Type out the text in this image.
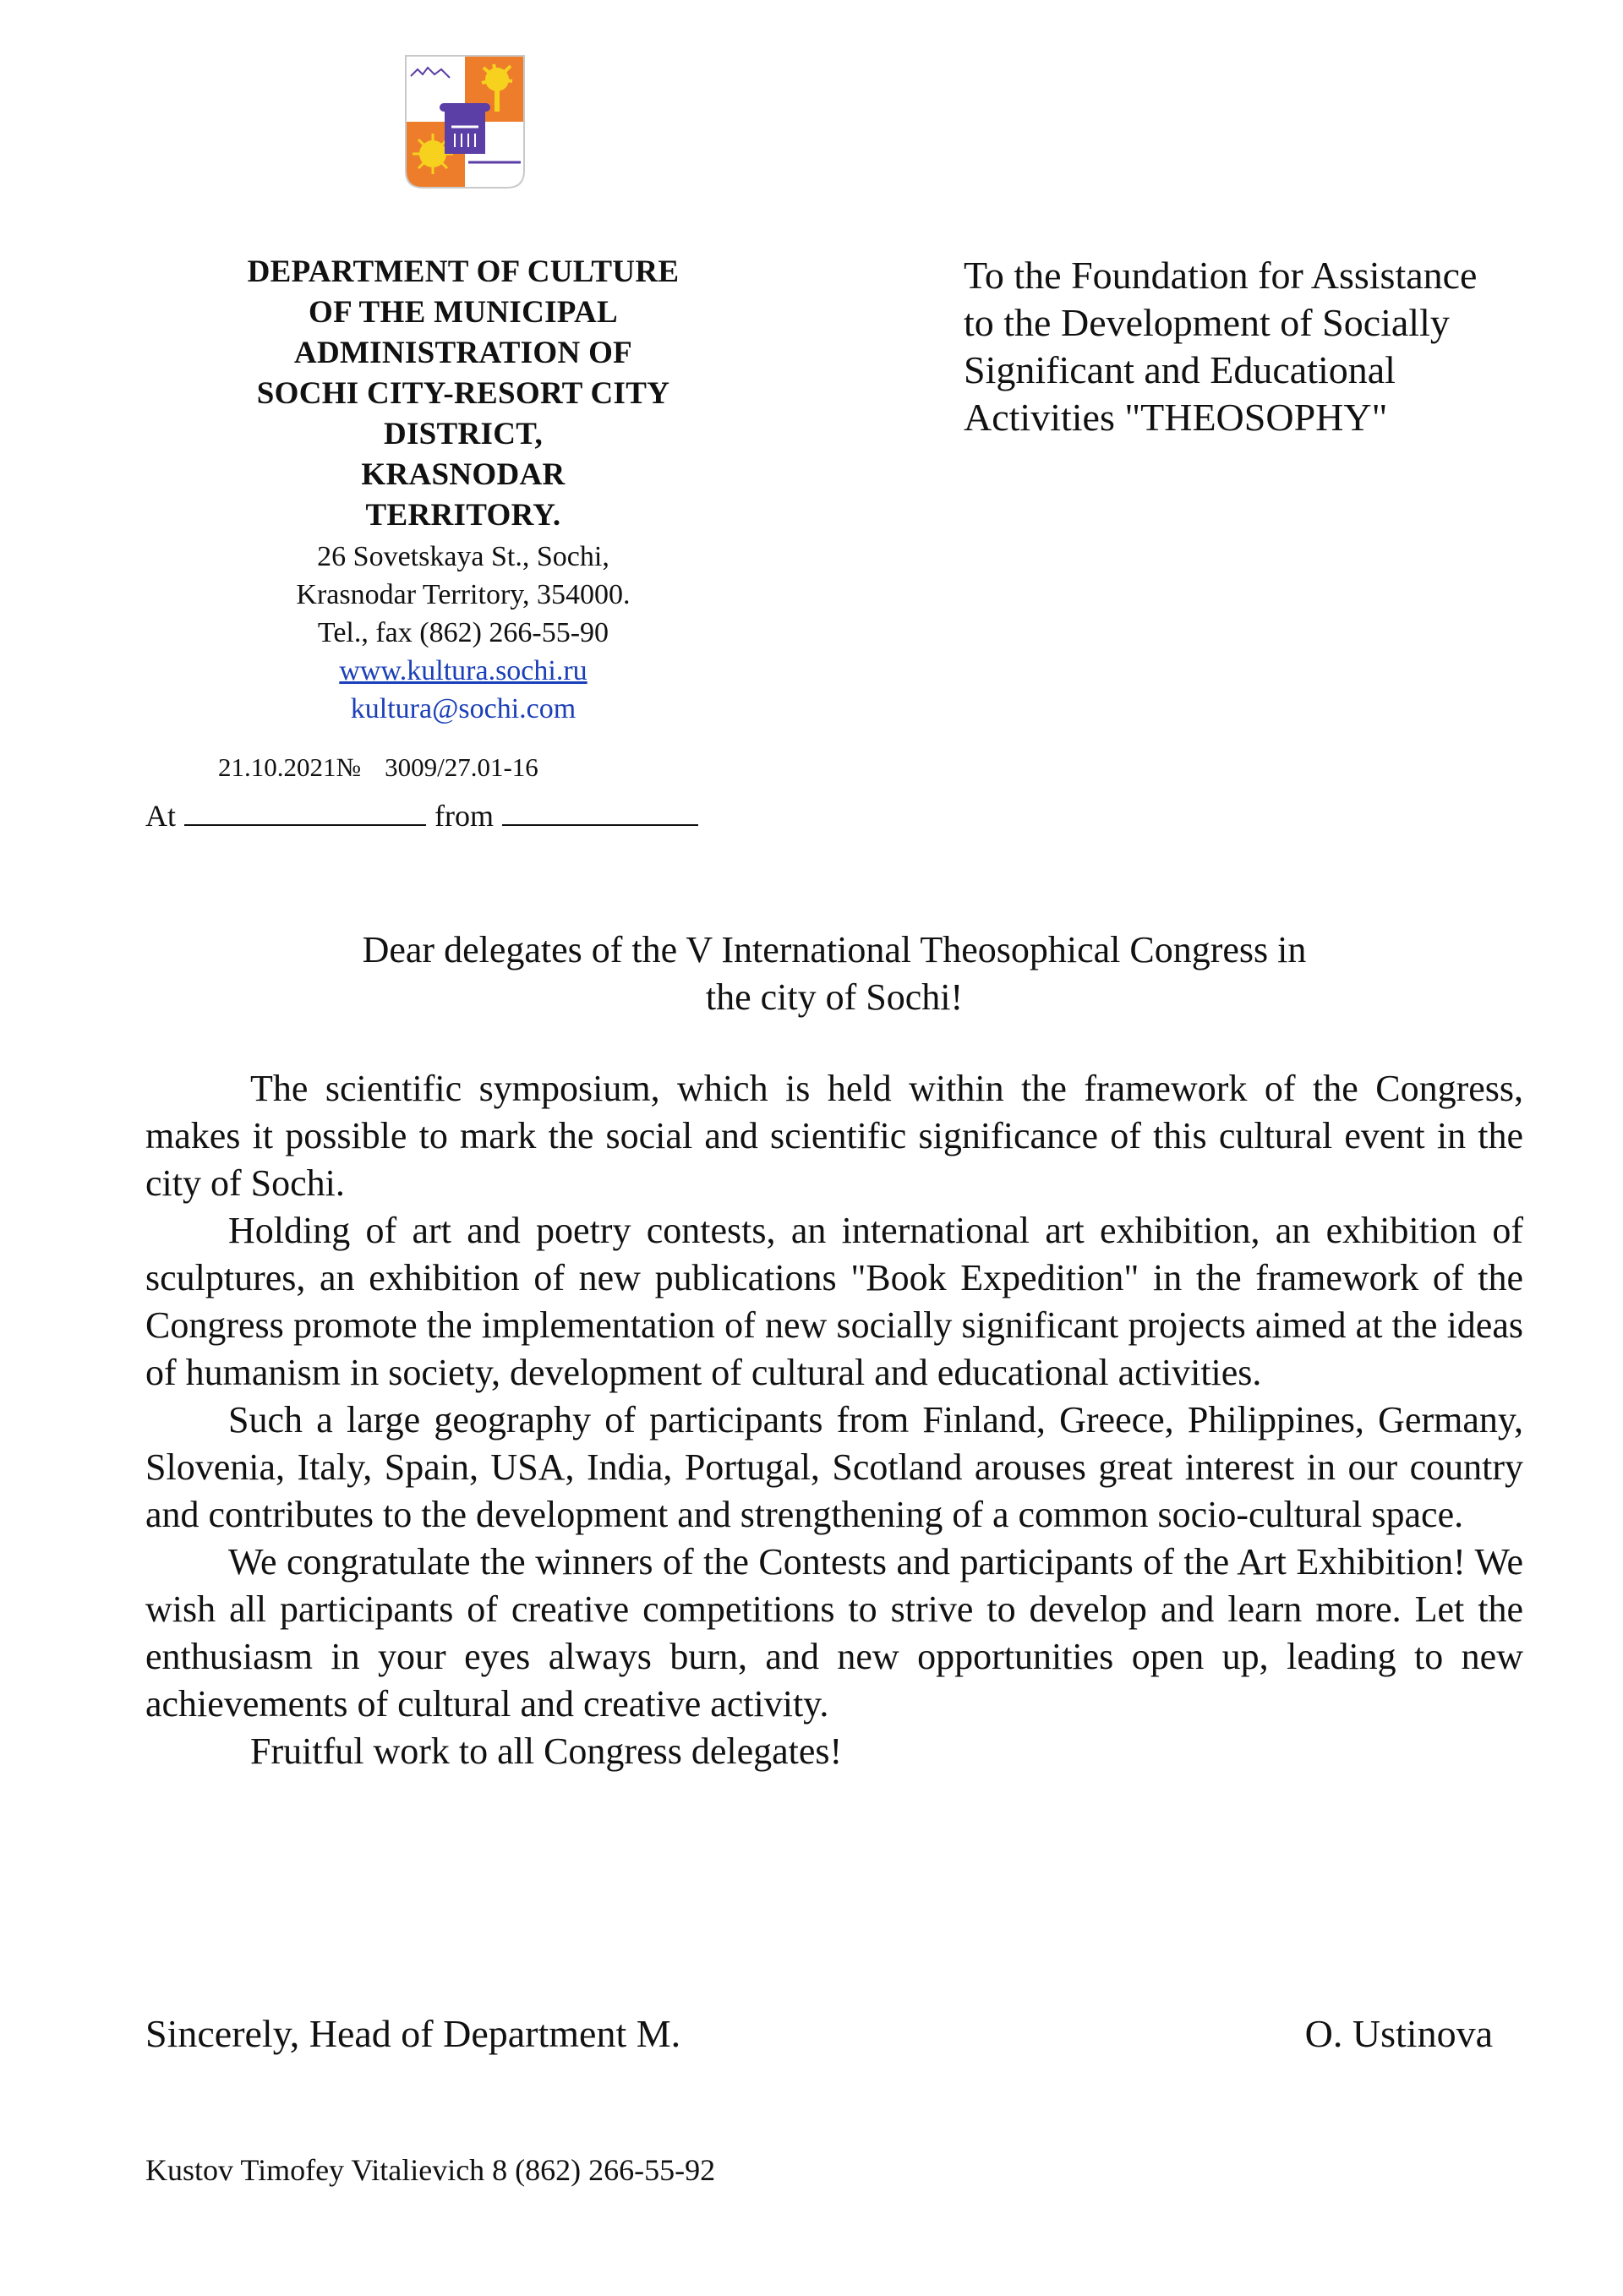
DEPARTMENT OF CULTURE
OF THE MUNICIPAL
ADMINISTRATION OF
SOCHI CITY-RESORT CITY
DISTRICT,
KRASNODAR
TERRITORY.
26 Sovetskaya St., Sochi,
Krasnodar Territory, 354000.
Tel., fax (862) 266-55-90
www.kultura.sochi.ru
kultura@sochi.com
21.10.2021№ 3009/27.01-16
At	from
To the Foundation for Assistance
to the Development of Socially
Significant and Educational
Activities "THEOSOPHY"
Dear delegates of the V International Theosophical Congress in
the city of Sochi!

The scientific symposium, which is held within the framework of the Congress, makes it possible to mark the social and scientific significance of this cultural event in the city of Sochi.

Holding of art and poetry contests, an international art exhibition, an exhibition of sculptures, an exhibition of new publications "Book Expedition" in the framework of the Congress promote the implementation of new socially significant projects aimed at the ideas of humanism in society, development of cultural and educational activities.

Such a large geography of participants from Finland, Greece, Philippines, Germany, Slovenia, Italy, Spain, USA, India, Portugal, Scotland arouses great interest in our country and contributes to the development and strengthening of a common socio-cultural space.

We congratulate the winners of the Contests and participants of the Art Exhibition! We wish all participants of creative competitions to strive to develop and learn more. Let the enthusiasm in your eyes always burn, and new opportunities open up, leading to new achievements of cultural and creative activity.

Fruitful work to all Congress delegates!

Sincerely, Head of Department M.	O. Ustinova
Kustov Timofey Vitalievich 8 (862) 266-55-92
